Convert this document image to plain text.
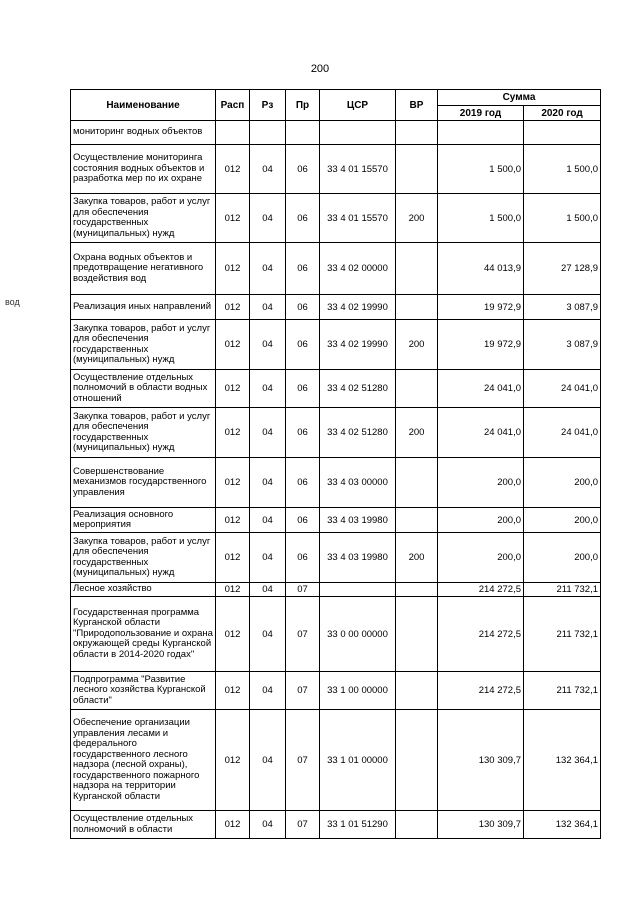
200
вод
Наименование	Расп	Рз	Пр	ЦСР	ВР	Сумма	
						2019 год	2020 год
мониторинг водных объектов							
Осуществление мониторинга состояния водных объектов и разработка мер по их охране	012	04	06	33 4 01 15570		1 500,0	1 500,0
Закупка товаров, работ и услуг для обеспечения государственных (муниципальных) нужд	012	04	06	33 4 01 15570	200	1 500,0	1 500,0
Охрана водных объектов и предотвращение негативного воздействия вод	012	04	06	33 4 02 00000		44 013,9	27 128,9
Реализация иных направлений	012	04	06	33 4 02 19990		19 972,9	3 087,9
Закупка товаров, работ и услуг для обеспечения государственных (муниципальных) нужд	012	04	06	33 4 02 19990	200	19 972,9	3 087,9
Осуществление отдельных полномочий в области водных отношений	012	04	06	33 4 02 51280		24 041,0	24 041,0
Закупка товаров, работ и услуг для обеспечения государственных (муниципальных) нужд	012	04	06	33 4 02 51280	200	24 041,0	24 041,0
Совершенствование механизмов государственного управления	012	04	06	33 4 03 00000		200,0	200,0
Реализация основного мероприятия	012	04	06	33 4 03 19980		200,0	200,0
Закупка товаров, работ и услуг для обеспечения государственных (муниципальных) нужд	012	04	06	33 4 03 19980	200	200,0	200,0
Лесное хозяйство	012	04	07			214 272,5	211 732,1
Государственная программа Курганской области "Природопользование и охрана окружающей среды Курганской области в 2014-2020 годах"	012	04	07	33 0 00 00000		214 272,5	211 732,1
Подпрограмма "Развитие лесного хозяйства Курганской области"	012	04	07	33 1 00 00000		214 272,5	211 732,1
Обеспечение организации управления лесами и федерального государственного лесного надзора (лесной охраны), государственного пожарного надзора на территории Курганской области	012	04	07	33 1 01 00000		130 309,7	132 364,1
Осуществление отдельных полномочий в области	012	04	07	33 1 01 51290		130 309,7	132 364,1
